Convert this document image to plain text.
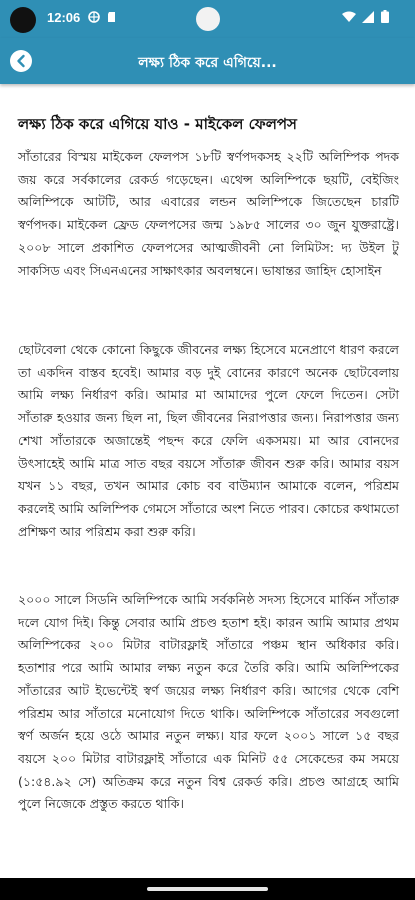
12:06
লক্ষ্য ঠিক করে এগিয়ে...
লক্ষ্য ঠিক করে এগিয়ে যাও - মাইকেল ফেলপস

সাঁতারের বিস্ময় মাইকেল ফেলপস ১৮টি স্বর্ণপদকসহ ২২টি অলিম্পিক পদক জয় করে সর্বকালের রেকর্ড গড়েছেন। এথেন্স অলিম্পিকে ছয়টি, বেইজিং অলিম্পিকে আটটি, আর এবারের লন্ডন অলিম্পিকে জিতেছেন চারটি স্বর্ণপদক। মাইকেল ফ্রেড ফেলপসের জন্ম ১৯৮৫ সালের ৩০ জুন যুক্তরাষ্ট্রে। ২০০৮ সালে প্রকাশিত ফেলপসের আত্মজীবনী নো লিমিটস: দ্য উইল টু সাকসিড এবং সিএনএনের সাক্ষাৎকার অবলম্বনে। ভাষান্তর জাহিদ হোসাইন

ছোটবেলা থেকে কোনো কিছুকে জীবনের লক্ষ্য হিসেবে মনেপ্রাণে ধারণ করলে তা একদিন বাস্তব হবেই। আমার বড় দুই বোনের কারণে অনেক ছোটবেলায় আমি লক্ষ্য নির্ধারণ করি। আমার মা আমাদের পুলে ফেলে দিতেন। সেটা সাঁতারু হওয়ার জন্য ছিল না, ছিল জীবনের নিরাপত্তার জন্য। নিরাপত্তার জন্য শেখা সাঁতারকে অজান্তেই পছন্দ করে ফেলি একসময়। মা আর বোনদের উৎসাহেই আমি মাত্র সাত বছর বয়সে সাঁতারু জীবন শুরু করি। আমার বয়স যখন ১১ বছর, তখন আমার কোচ বব বাউম্যান আমাকে বলেন, পরিশ্রম করলেই আমি অলিম্পিক গেমসে সাঁতারে অংশ নিতে পারব। কোচের কথামতো প্রশিক্ষণ আর পরিশ্রম করা শুরু করি।

২০০০ সালে সিডনি অলিম্পিকে আমি সর্বকনিষ্ঠ সদস্য হিসেবে মার্কিন সাঁতারু দলে যোগ দিই। কিন্তু সেবার আমি প্রচণ্ড হতাশ হই। কারন আমি আমার প্রথম অলিম্পিকের ২০০ মিটার বাটারফ্লাই সাঁতারে পঞ্চম স্থান অধিকার করি। হতাশার পরে আমি আমার লক্ষ্য নতুন করে তৈরি করি। আমি অলিম্পিকের সাঁতারের আট ইভেন্টেই স্বর্ণ জয়ের লক্ষ্য নির্ধারণ করি। আগের থেকে বেশি পরিশ্রম আর সাঁতারে মনোযোগ দিতে থাকি। অলিম্পিকে সাঁতারের সবগুলো স্বর্ণ অর্জন হয়ে ওঠে আমার নতুন লক্ষ্য। যার ফলে ২০০১ সালে ১৫ বছর বয়সে ২০০ মিটার বাটারফ্লাই সাঁতারে এক মিনিট ৫৫ সেকেন্ডের কম সময়ে (১:৫৪.৯২ সে) অতিক্রম করে নতুন বিশ্ব রেকর্ড করি। প্রচণ্ড আগ্রহে আমি পুলে নিজেকে প্রস্তুত করতে থাকি।
